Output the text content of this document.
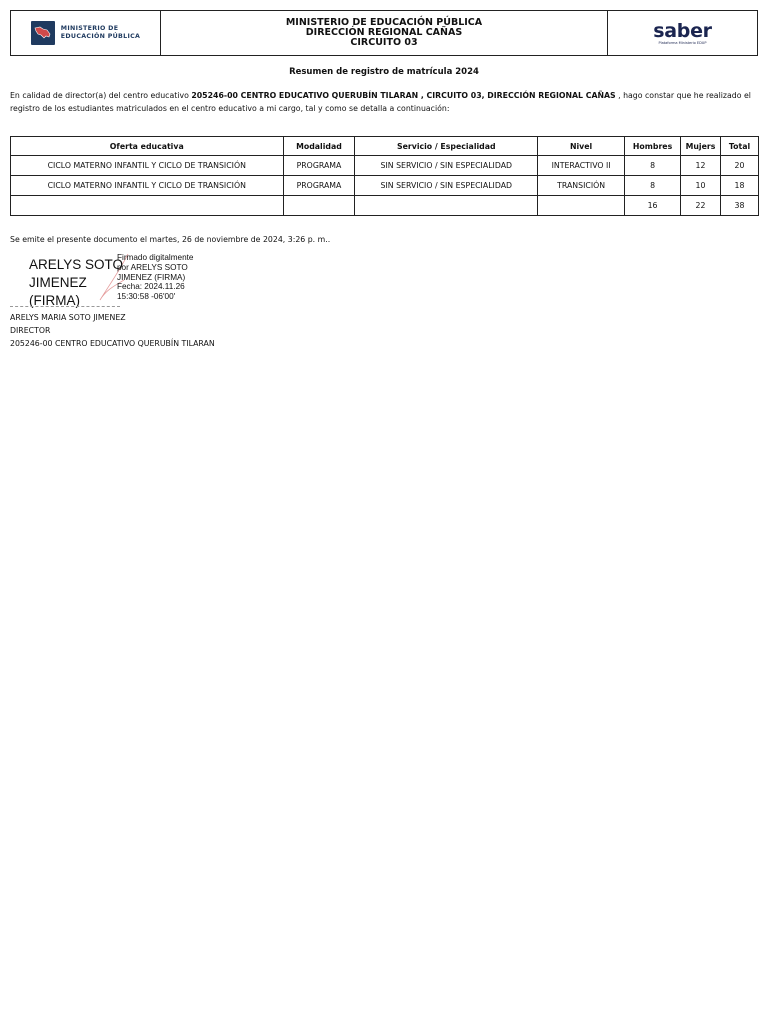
MINISTERIO DE
EDUCACIÓN PÚBLICA
MINISTERIO DE EDUCACIÓN PÚBLICA
DIRECCIÓN REGIONAL CAÑAS
CIRCUITO 03
saber
Plataforma Ministerio EDUP
Resumen de registro de matrícula 2024
En calidad de director(a) del centro educativo 205246-00 CENTRO EDUCATIVO QUERUBÍN TILARAN , CIRCUITO 03, DIRECCIÓN REGIONAL CAÑAS , hago constar que he realizado el registro de los estudiantes matriculados en el centro educativo a mi cargo, tal y como se detalla a continuación:
Oferta educativa	Modalidad	Servicio / Especialidad	Nivel	Hombres	Mujers	Total
CICLO MATERNO INFANTIL Y CICLO DE TRANSICIÓN	PROGRAMA	SIN SERVICIO / SIN ESPECIALIDAD	INTERACTIVO II	8	12	20
CICLO MATERNO INFANTIL Y CICLO DE TRANSICIÓN	PROGRAMA	SIN SERVICIO / SIN ESPECIALIDAD	TRANSICIÓN	8	10	18
				16	22	38
Se emite el presente documento el martes, 26 de noviembre de 2024, 3:26 p. m..
ARELYS SOTO
JIMENEZ
(FIRMA)
Firmado digitalmente
por ARELYS SOTO
JIMENEZ (FIRMA)
Fecha: 2024.11.26
15:30:58 -06'00'
ARELYS MARIA SOTO JIMENEZ
DIRECTOR
205246-00 CENTRO EDUCATIVO QUERUBÍN TILARAN
